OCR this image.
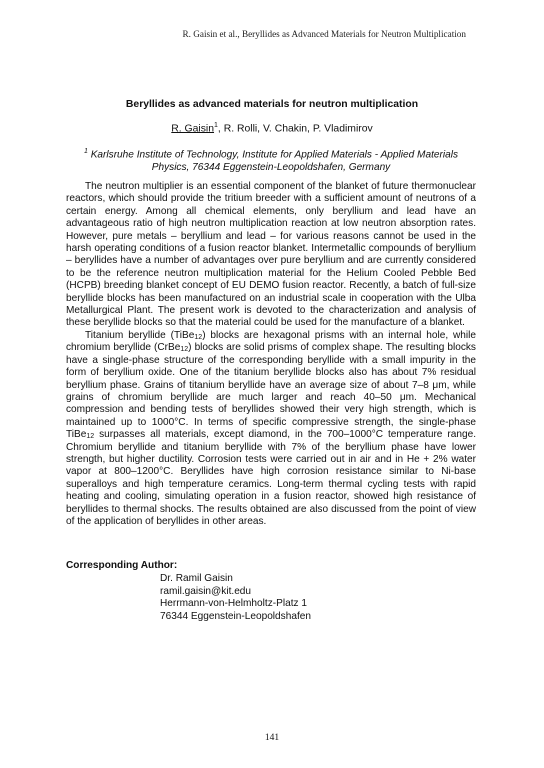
R. Gaisin et al., Beryllides as Advanced Materials for Neutron Multiplication
Beryllides as advanced materials for neutron multiplication
R. Gaisin$^1$, R. Rolli, V. Chakin, P. Vladimirov
$^1$ Karlsruhe Institute of Technology, Institute for Applied Materials - Applied Materials Physics, 76344 Eggenstein-Leopoldshafen, Germany

The neutron multiplier is an essential component of the blanket of future thermonuclear reactors, which should provide the tritium breeder with a sufficient amount of neutrons of a certain energy. Among all chemical elements, only beryllium and lead have an advantageous ratio of high neutron multiplication reaction at low neutron absorption rates. However, pure metals – beryllium and lead – for various reasons cannot be used in the harsh operating conditions of a fusion reactor blanket. Intermetallic compounds of beryllium – beryllides have a number of advantages over pure beryllium and are currently considered to be the reference neutron multiplication material for the Helium Cooled Pebble Bed (HCPB) breeding blanket concept of EU DEMO fusion reactor. Recently, a batch of full-size beryllide blocks has been manufactured on an industrial scale in cooperation with the Ulba Metallurgical Plant. The present work is devoted to the characterization and analysis of these beryllide blocks so that the material could be used for the manufacture of a blanket.

Titanium beryllide (TiBe$_{12}$) blocks are hexagonal prisms with an internal hole, while chromium beryllide (CrBe$_{12}$) blocks are solid prisms of complex shape. The resulting blocks have a single-phase structure of the corresponding beryllide with a small impurity in the form of beryllium oxide. One of the titanium beryllide blocks also has about 7% residual beryllium phase. Grains of titanium beryllide have an average size of about 7–8 μm, while grains of chromium beryllide are much larger and reach 40–50 μm. Mechanical compression and bending tests of beryllides showed their very high strength, which is maintained up to 1000°C. In terms of specific compressive strength, the single-phase TiBe$_{12}$ surpasses all materials, except diamond, in the 700–1000°C temperature range. Chromium beryllide and titanium beryllide with 7% of the beryllium phase have lower strength, but higher ductility. Corrosion tests were carried out in air and in He + 2% water vapor at 800–1200°C. Beryllides have high corrosion resistance similar to Ni-base superalloys and high temperature ceramics. Long-term thermal cycling tests with rapid heating and cooling, simulating operation in a fusion reactor, showed high resistance of beryllides to thermal shocks. The results obtained are also discussed from the point of view of the application of beryllides in other areas.

Corresponding Author:
Dr. Ramil Gaisin
ramil.gaisin@kit.edu
Herrmann-von-Helmholtz-Platz 1
76344 Eggenstein-Leopoldshafen
141
